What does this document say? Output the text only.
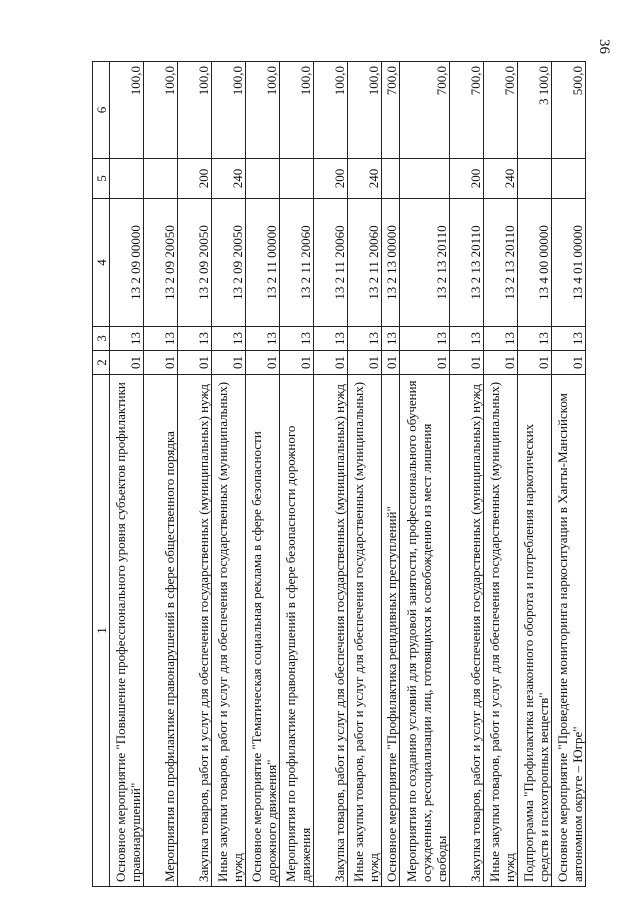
36
1	2	3	4	5	6
Основное мероприятие "Повышение профессионального уровня субъектов профилактики правонарушений"	01	13	13 2 09 00000		100,0
Мероприятия по профилактике правонарушений в сфере общественного порядка	01	13	13 2 09 20050		100,0
Закупка товаров, работ и услуг для обеспечения государственных (муниципальных) нужд	01	13	13 2 09 20050	200	100,0
Иные закупки товаров, работ и услуг для обеспечения государственных (муниципальных) нужд	01	13	13 2 09 20050	240	100,0
Основное мероприятие "Тематическая социальная реклама в сфере безопасности дорожного движения"	01	13	13 2 11 00000		100,0
Мероприятия по профилактике правонарушений в сфере безопасности дорожного движения	01	13	13 2 11 20060		100,0
Закупка товаров, работ и услуг для обеспечения государственных (муниципальных) нужд	01	13	13 2 11 20060	200	100,0
Иные закупки товаров, работ и услуг для обеспечения государственных (муниципальных) нужд	01	13	13 2 11 20060	240	100,0
Основное мероприятие "Профилактика рецидивных преступлений"	01	13	13 2 13 00000		700,0
Мероприятия по созданию условий для трудовой занятости, профессионального обучения осужденных, ресоциализации лиц, готовящихся к освобождению из мест лишения свободы	01	13	13 2 13 20110		700,0
Закупка товаров, работ и услуг для обеспечения государственных (муниципальных) нужд	01	13	13 2 13 20110	200	700,0
Иные закупки товаров, работ и услуг для обеспечения государственных (муниципальных) нужд	01	13	13 2 13 20110	240	700,0
Подпрограмма "Профилактика незаконного оборота и потребления наркотических средств и психотропных веществ"	01	13	13 4 00 00000		3 100,0
Основное мероприятие "Проведение мониторинга наркоситуации в Ханты-Мансийском автономном округе – Югре"	01	13	13 4 01 00000		500,0
